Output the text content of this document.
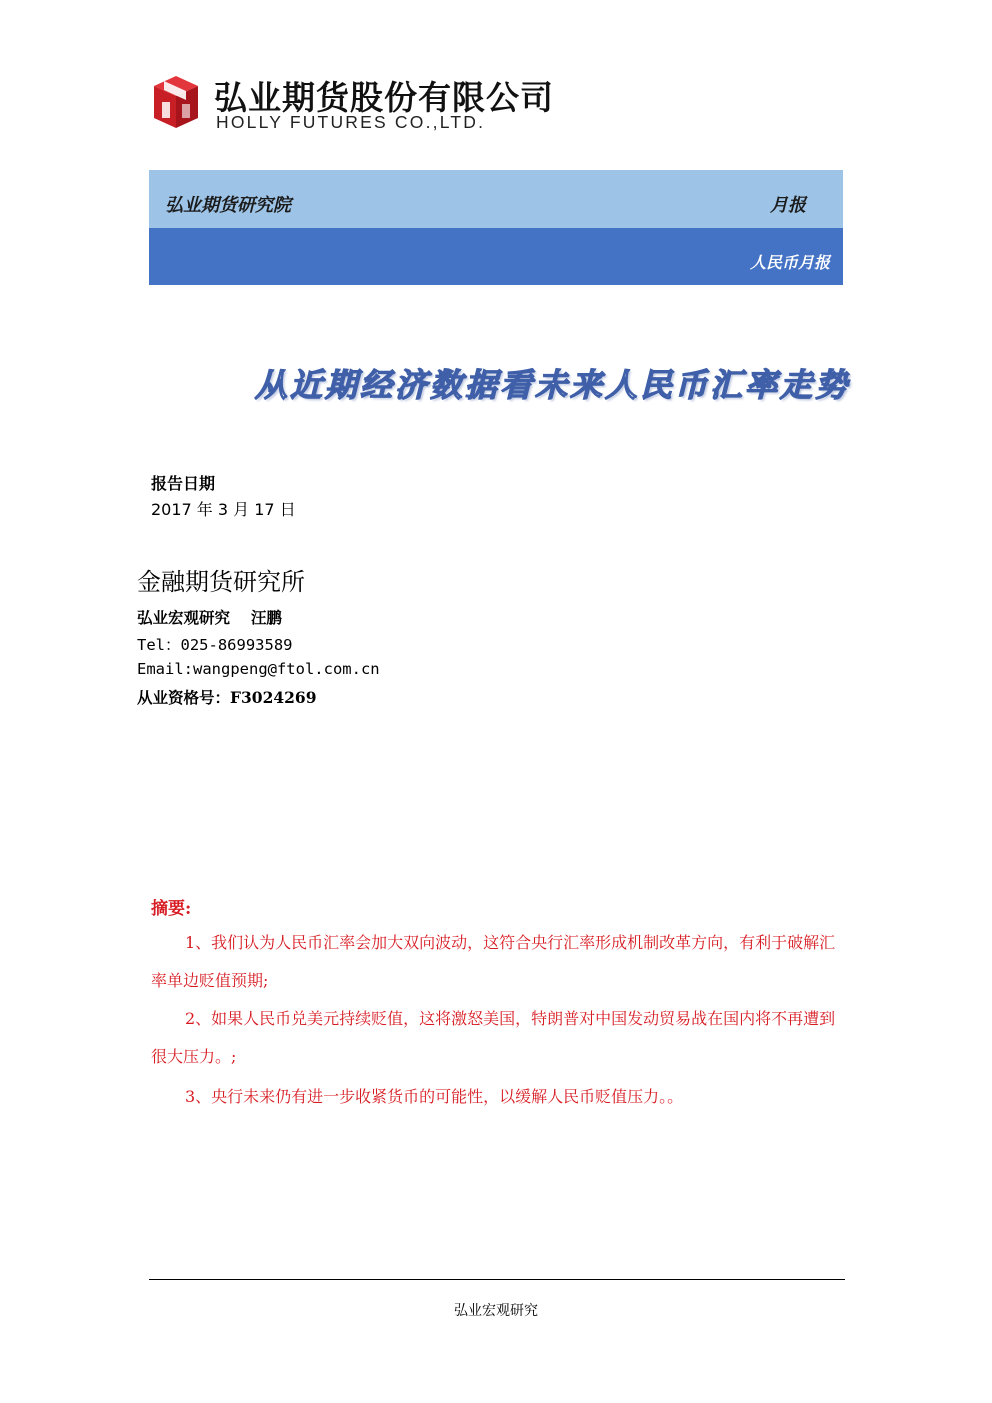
弘业期货股份有限公司
HOLLY FUTURES CO.,LTD.
弘业期货研究院	月报
人民币月报
从近期经济数据看未来人民币汇率走势
报告日期
2017 年 3 月 17 日
金融期货研究所
弘业宏观研究　 汪鹏
Tel：025-86993589
Email:wangpeng@ftol.com.cn
从业资格号：F3024269
摘要:

1、我们认为人民币汇率会加大双向波动，这符合央行汇率形成机制改革方向，有利于破解汇率单边贬值预期;

2、如果人民币兑美元持续贬值，这将激怒美国，特朗普对中国发动贸易战在国内将不再遭到很大压力。;

3、央行未来仍有进一步收紧货币的可能性，以缓解人民币贬值压力。。

弘业宏观研究
